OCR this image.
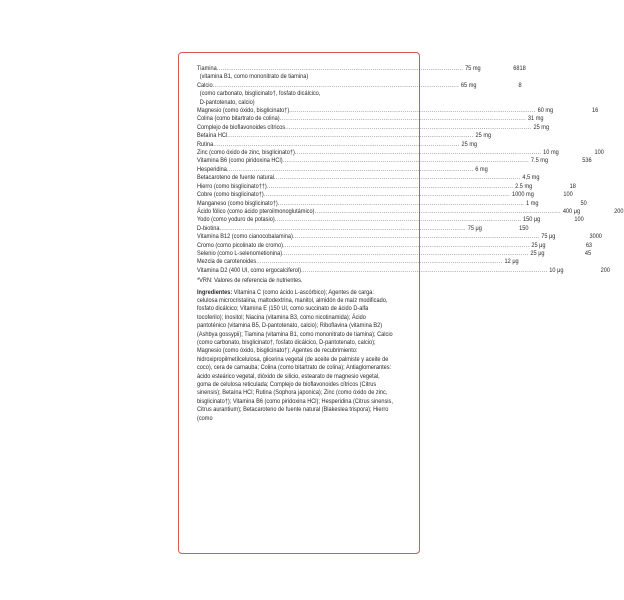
Tiamina .....	75 mg	6818
(vitamina B1, como mononitrato de tiamina)
Calcio .....	65 mg	8
(como carbonato, bisglicinato†, fosfato dicálcico,
D-pantotenato, calcio)
Magnesio (como óxido, bisglicinato†) .....	60 mg	16
Colina (como bitartrato de colina) .....	31 mg
Complejo de bioflavonoides cítricos .....	25 mg
Betaína HCl .....	25 mg
Rutina .....	25 mg
Zinc (como óxido de zinc, bisglicinato†) .....	10 mg	100
Vitamina B6 (como piridoxina HCl) .....	7.5 mg	536
Hesperidina .....	6 mg
Betacaroteno de fuente natural .....	4,5 mg
Hierro (como bisglicinato††) .....	2.5 mg	18
Cobre (como bisglicinato†) .....	1000 mg	100
Manganeso (como bisglicinato†) .....	1 mg	50
Ácido fólico (como ácido pteroilmonoglutámico) .....	400 μg	200
Yodo (como yoduro de potasio) .....	150 μg	100
D-biotina .....	75 μg	150
Vitamina B12 (como cianocobalamina) .....	75 μg	3000
Cromo (como picolinato de cromo) .....	25 μg	63
Selenio (como L-selenometionina) .....	25 μg	45
Mezcla de carotenoides .....	12 μg
Vitamina D2 (400 UI, como ergocalciferol) .....	10 μg	200
*VRN: Valores de referencia de nutrientes.
Ingredientes: Vitamina C (como ácido L-ascórbico); Agentes de carga: celulosa microcristalina, maltodextrina, manitol, almidón de maíz modificado, fosfato dicálcico; Vitamina E (150 UI, como succinato de ácido D-alfa tocoferilo); Inositol; Niacina (vitamina B3, como nicotinamida); Ácido pantoténico (vitamina B5, D-pantotenato, calcio); Riboflavina (vitamina B2) (Ashbya gossypii); Tiamina (vitamina B1, como mononitrato de tiamina); Calcio (como carbonato, bisglicinato†, fosfato dicálcico, D-pantotenato, calcio); Magnesio (como óxido, bisglicinato†); Agentes de recubrimiento: hidroxipropilmetilcelulosa, glicerina vegetal (de aceite de palmiste y aceite de coco), cera de carnauba; Colina (como bitartrato de colina); Antiaglomerantes: ácido esteárico vegetal, dióxido de silicio, estearato de magnesio vegetal, goma de celulosa reticulada; Complejo de bioflavonoides cítricos (Citrus sinensis); Betaína HCl; Rutina (Sophora japonica); Zinc (como óxido de zinc, bisglicinato†); Vitamina B6 (como piridoxina HCl); Hesperidina (Citrus sinensis, Citrus aurantium); Betacaroteno de fuente natural (Blakeslea trispora); Hierro (como
